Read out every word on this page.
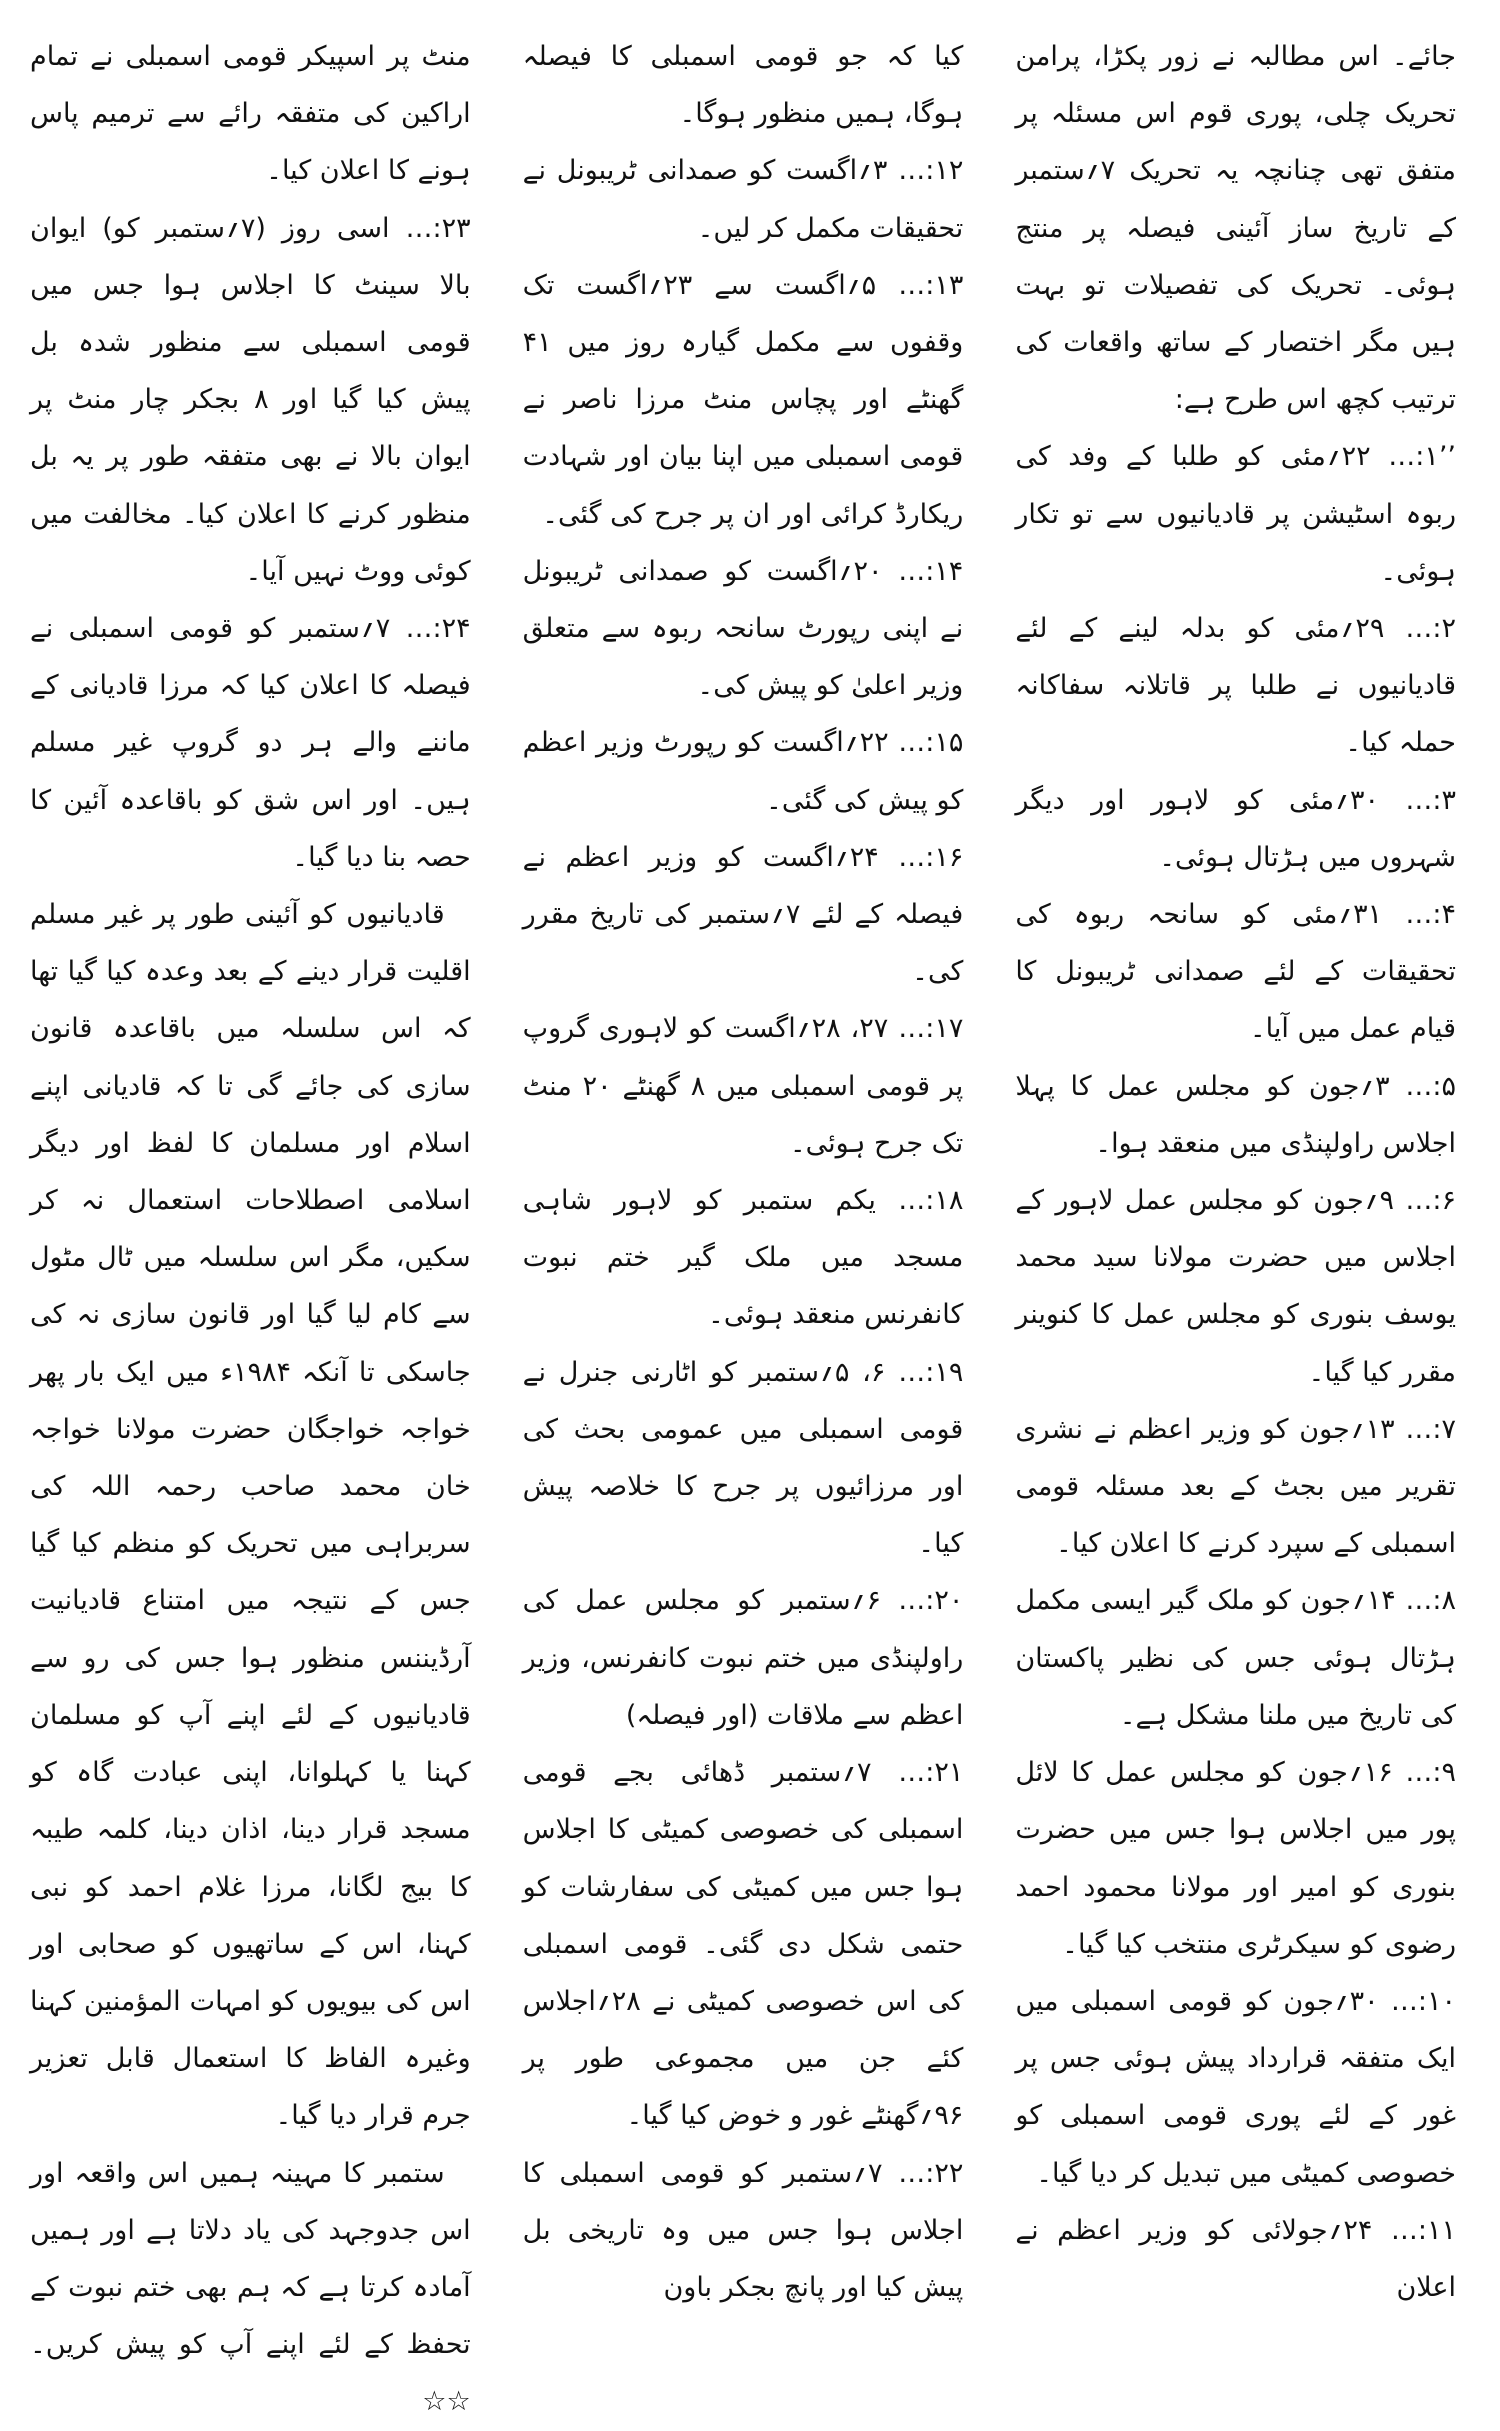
جائے۔ اس مطالبہ نے زور پکڑا، پرامن تحریک چلی، پوری قوم اس مسئلہ پر متفق تھی چنانچہ یہ تحریک ۷؍ستمبر کے تاریخ ساز آئینی فیصلہ پر منتج ہوئی۔ تحریک کی تفصیلات تو بہت ہیں مگر اختصار کے ساتھ واقعات کی ترتیب کچھ اس طرح ہے:

’’۱:… ۲۲؍مئی کو طلبا کے وفد کی ربوہ اسٹیشن پر قادیانیوں سے تو تکار ہوئی۔

۲:… ۲۹؍مئی کو بدلہ لینے کے لئے قادیانیوں نے طلبا پر قاتلانہ سفاکانہ حملہ کیا۔

۳:… ۳۰؍مئی کو لاہور اور دیگر شہروں میں ہڑتال ہوئی۔

۴:… ۳۱؍مئی کو سانحہ ربوہ کی تحقیقات کے لئے صمدانی ٹریبونل کا قیام عمل میں آیا۔

۵:… ۳؍جون کو مجلس عمل کا پہلا اجلاس راولپنڈی میں منعقد ہوا۔

۶:… ۹؍جون کو مجلس عمل لاہور کے اجلاس میں حضرت مولانا سید محمد یوسف بنوری کو مجلس عمل کا کنوینر مقرر کیا گیا۔

۷:… ۱۳؍جون کو وزیر اعظم نے نشری تقریر میں بجٹ کے بعد مسئلہ قومی اسمبلی کے سپرد کرنے کا اعلان کیا۔

۸:… ۱۴؍جون کو ملک گیر ایسی مکمل ہڑتال ہوئی جس کی نظیر پاکستان کی تاریخ میں ملنا مشکل ہے۔

۹:… ۱۶؍جون کو مجلس عمل کا لائل پور میں اجلاس ہوا جس میں حضرت بنوری کو امیر اور مولانا محمود احمد رضوی کو سیکرٹری منتخب کیا گیا۔

۱۰:… ۳۰؍جون کو قومی اسمبلی میں ایک متفقہ قرارداد پیش ہوئی جس پر غور کے لئے پوری قومی اسمبلی کو خصوصی کمیٹی میں تبدیل کر دیا گیا۔

۱۱:… ۲۴؍جولائی کو وزیر اعظم نے اعلان

کیا کہ جو قومی اسمبلی کا فیصلہ ہوگا، ہمیں منظور ہوگا۔

۱۲:… ۳؍اگست کو صمدانی ٹریبونل نے تحقیقات مکمل کر لیں۔

۱۳:… ۵؍اگست سے ۲۳؍اگست تک وقفوں سے مکمل گیارہ روز میں ۴۱ گھنٹے اور پچاس منٹ مرزا ناصر نے قومی اسمبلی میں اپنا بیان اور شہادت ریکارڈ کرائی اور ان پر جرح کی گئی۔

۱۴:… ۲۰؍اگست کو صمدانی ٹریبونل نے اپنی رپورٹ سانحہ ربوہ سے متعلق وزیر اعلیٰ کو پیش کی۔

۱۵:… ۲۲؍اگست کو رپورٹ وزیر اعظم کو پیش کی گئی۔

۱۶:… ۲۴؍اگست کو وزیر اعظم نے فیصلہ کے لئے ۷؍ستمبر کی تاریخ مقرر کی۔

۱۷:… ۲۷، ۲۸؍اگست کو لاہوری گروپ پر قومی اسمبلی میں ۸ گھنٹے ۲۰ منٹ تک جرح ہوئی۔

۱۸:… یکم ستمبر کو لاہور شاہی مسجد میں ملک گیر ختم نبوت کانفرنس منعقد ہوئی۔

۱۹:… ۶، ۵؍ستمبر کو اٹارنی جنرل نے قومی اسمبلی میں عمومی بحث کی اور مرزائیوں پر جرح کا خلاصہ پیش کیا۔

۲۰:… ۶؍ستمبر کو مجلس عمل کی راولپنڈی میں ختم نبوت کانفرنس، وزیر اعظم سے ملاقات (اور فیصلہ)

۲۱:… ۷؍ستمبر ڈھائی بجے قومی اسمبلی کی خصوصی کمیٹی کا اجلاس ہوا جس میں کمیٹی کی سفارشات کو حتمی شکل دی گئی۔ قومی اسمبلی کی اس خصوصی کمیٹی نے ۲۸؍اجلاس کئے جن میں مجموعی طور پر ۹۶؍گھنٹے غور و خوض کیا گیا۔

۲۲:… ۷؍ستمبر کو قومی اسمبلی کا اجلاس ہوا جس میں وہ تاریخی بل پیش کیا اور پانچ بجکر باون

منٹ پر اسپیکر قومی اسمبلی نے تمام اراکین کی متفقہ رائے سے ترمیم پاس ہونے کا اعلان کیا۔

۲۳:… اسی روز (۷؍ستمبر کو) ایوان بالا سینٹ کا اجلاس ہوا جس میں قومی اسمبلی سے منظور شدہ بل پیش کیا گیا اور ۸ بجکر چار منٹ پر ایوان بالا نے بھی متفقہ طور پر یہ بل منظور کرنے کا اعلان کیا۔ مخالفت میں کوئی ووٹ نہیں آیا۔

۲۴:… ۷؍ستمبر کو قومی اسمبلی نے فیصلہ کا اعلان کیا کہ مرزا قادیانی کے ماننے والے ہر دو گروپ غیر مسلم ہیں۔ اور اس شق کو باقاعدہ آئین کا حصہ بنا دیا گیا۔

قادیانیوں کو آئینی طور پر غیر مسلم اقلیت قرار دینے کے بعد وعدہ کیا گیا تھا کہ اس سلسلہ میں باقاعدہ قانون سازی کی جائے گی تا کہ قادیانی اپنے اسلام اور مسلمان کا لفظ اور دیگر اسلامی اصطلاحات استعمال نہ کر سکیں، مگر اس سلسلہ میں ٹال مٹول سے کام لیا گیا اور قانون سازی نہ کی جاسکی تا آنکہ ۱۹۸۴ء میں ایک بار پھر خواجہ خواجگان حضرت مولانا خواجہ خان محمد صاحب رحمہ اللہ کی سربراہی میں تحریک کو منظم کیا گیا جس کے نتیجہ میں امتناع قادیانیت آرڈیننس منظور ہوا جس کی رو سے قادیانیوں کے لئے اپنے آپ کو مسلمان کہنا یا کہلوانا، اپنی عبادت گاہ کو مسجد قرار دینا، اذان دینا، کلمہ طیبہ کا بیج لگانا، مرزا غلام احمد کو نبی کہنا، اس کے ساتھیوں کو صحابی اور اس کی بیویوں کو امہات المؤمنین کہنا وغیرہ الفاظ کا استعمال قابل تعزیر جرم قرار دیا گیا۔

ستمبر کا مہینہ ہمیں اس واقعہ اور اس جدوجہد کی یاد دلاتا ہے اور ہمیں آمادہ کرتا ہے کہ ہم بھی ختم نبوت کے تحفظ کے لئے اپنے آپ کو پیش کریں۔ ☆☆
